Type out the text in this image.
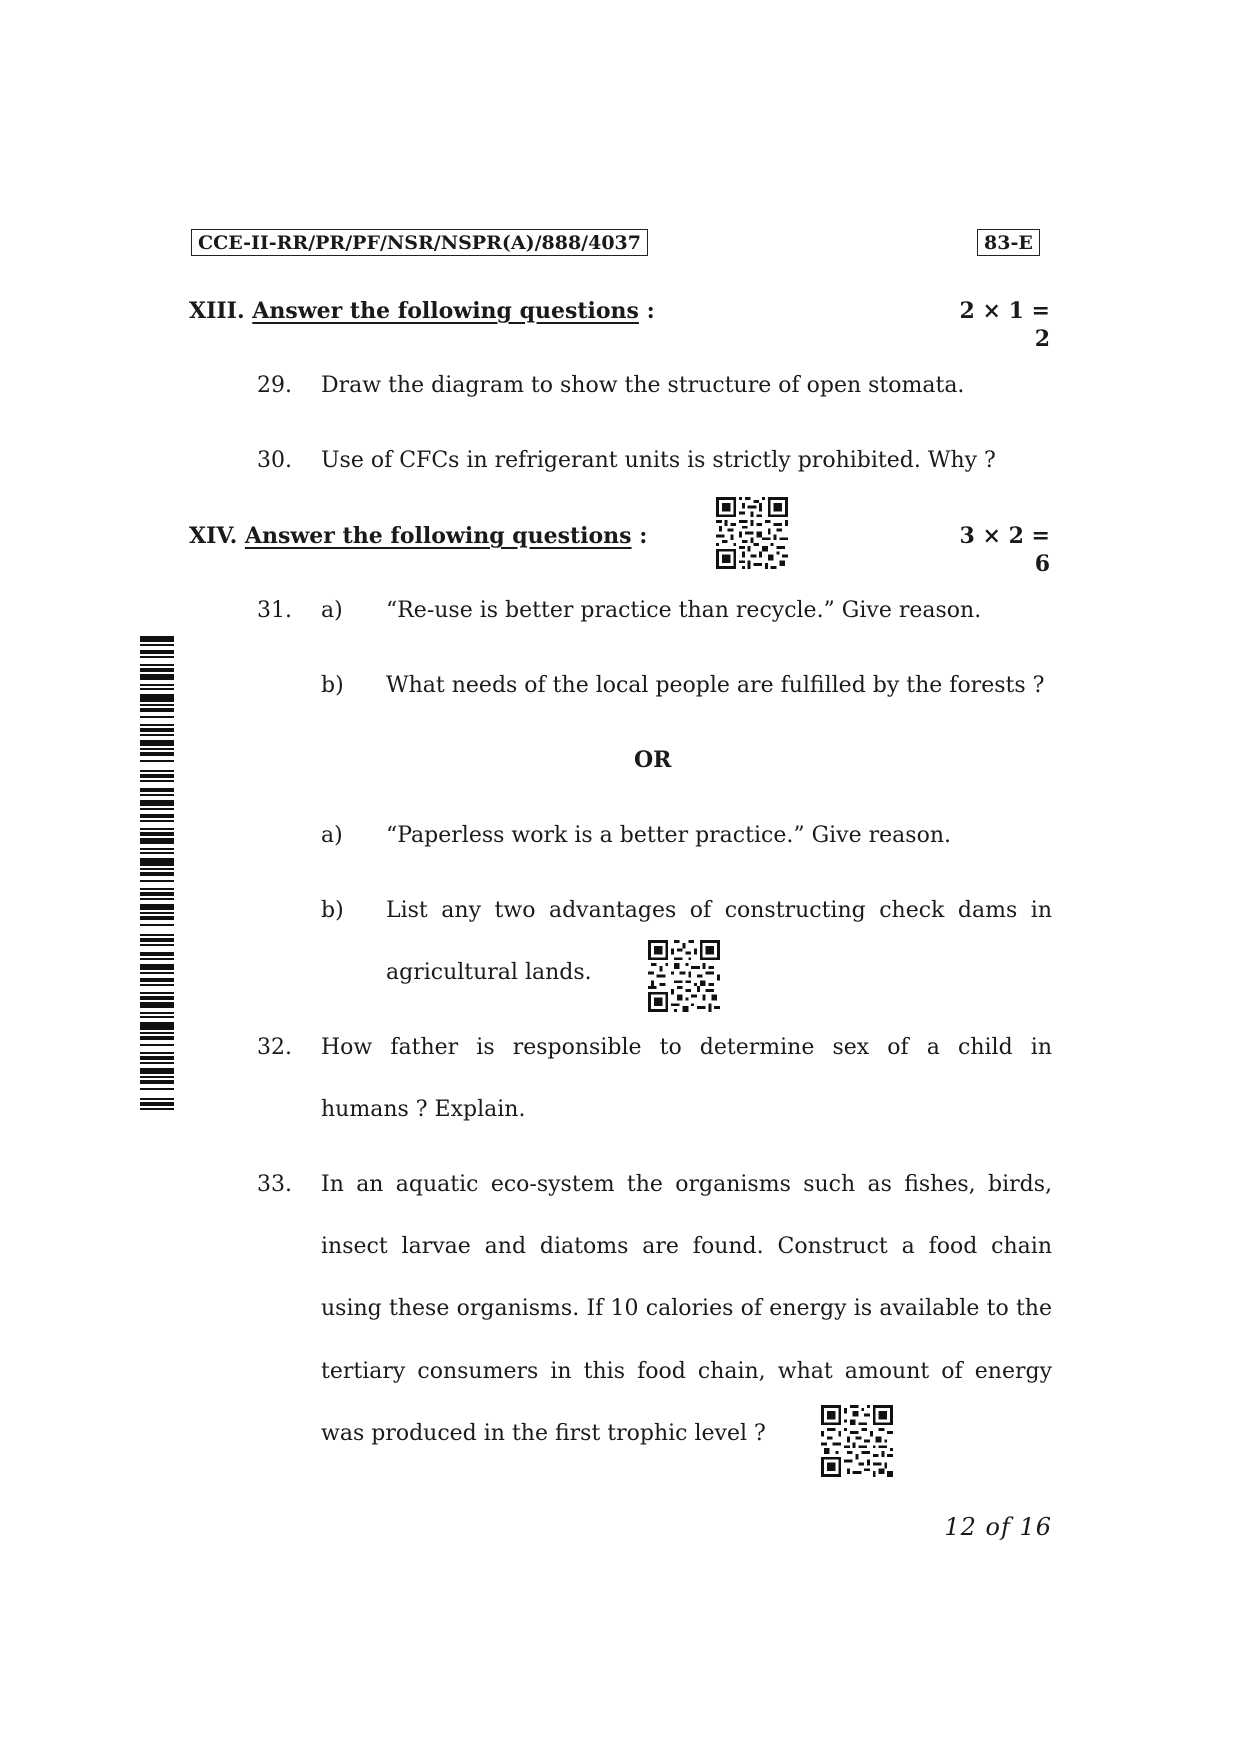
CCE-II-RR/PR/PF/NSR/NSPR(A)/888/4037	83-E
XIII. Answer the following questions :	2 × 1 = 2
29. Draw the diagram to show the structure of open stomata.
30. Use of CFCs in refrigerant units is strictly prohibited. Why ?
XIV. Answer the following questions :	3 × 2 = 6
31. a) “Re-use is better practice than recycle.” Give reason.
b) What needs of the local people are fulfilled by the forests ?
OR
a) “Paperless work is a better practice.” Give reason.
b) List any two advantages of constructing check dams in
agricultural lands.
32. How father is responsible to determine sex of a child in
humans ? Explain.
33. In an aquatic eco-system the organisms such as fishes, birds,
insect larvae and diatoms are found. Construct a food chain
using these organisms. If 10 calories of energy is available to the
tertiary consumers in this food chain, what amount of energy
was produced in the first trophic level ?
12 of 16
